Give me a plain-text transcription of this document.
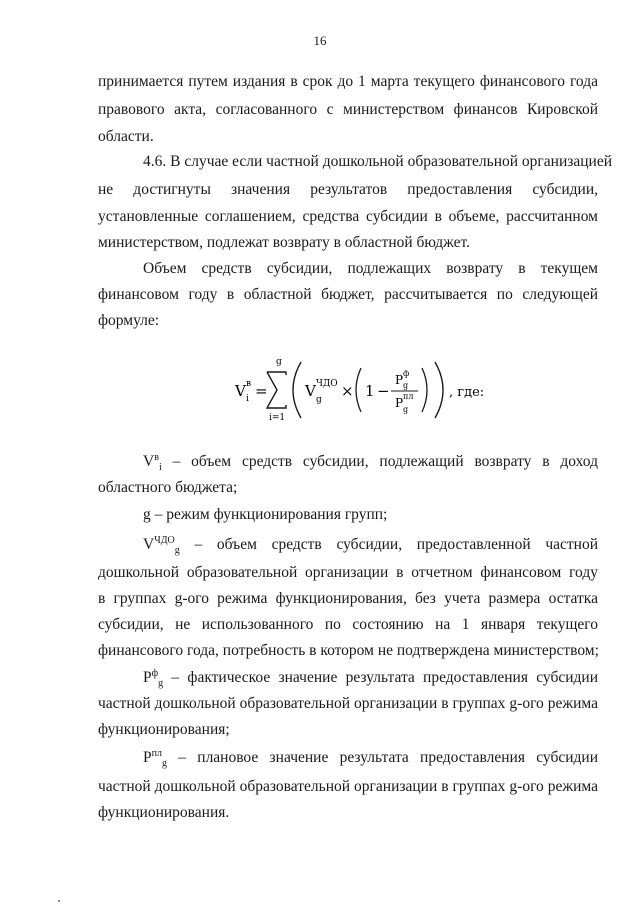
16
принимается путем издания в срок до 1 марта текущего финансового года
правового акта, согласованного с министерством финансов Кировской
области.
4.6. В случае если частной дошкольной образовательной организацией
не достигнуты значения результатов предоставления субсидии,
установленные соглашением, средства субсидии в объеме, рассчитанном
министерством, подлежат возврату в областной бюджет.
Объем средств субсидии, подлежащих возврату в текущем
финансовом году в областной бюджет, рассчитывается по следующей
формуле:
V i
в =
g
i=1
V ЧДО
g × 1 −
P ф
g
P пл
g
, где:
$V^в_i$ – объем средств субсидии, подлежащий возврату в доход
областного бюджета;
g – режим функционирования групп;
$V^{ЧДО}_g$ – объем средств субсидии, предоставленной частной
дошкольной образовательной организации в отчетном финансовом году
в группах g-ого режима функционирования, без учета размера остатка
субсидии, не использованного по состоянию на 1 января текущего
финансового года, потребность в котором не подтверждена министерством;
$P^ф_g$ – фактическое значение результата предоставления субсидии
частной дошкольной образовательной организации в группах g-ого режима
функционирования;
$P^{пл}_g$ – плановое значение результата предоставления субсидии
частной дошкольной образовательной организации в группах g-ого режима
функционирования.
